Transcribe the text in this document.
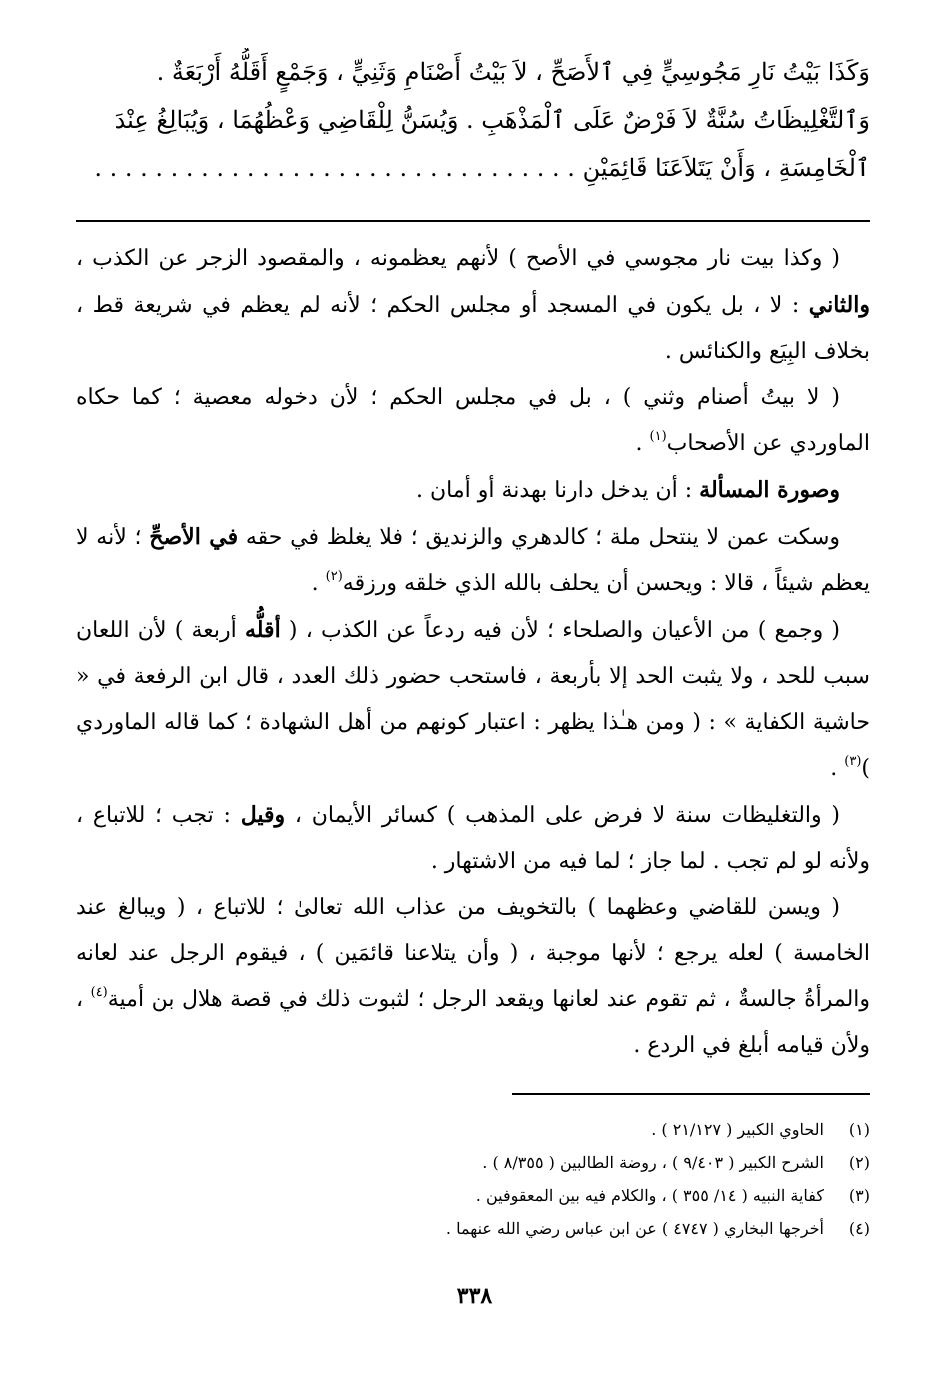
وَكَذَا بَيْتُ نَارِ مَجُوسِيٍّ فِي ٱلأَصَحِّ ، لاَ بَيْتُ أَصْنَامِ وَثَنِيٍّ ، وَجَمْعٍ أَقَلُّهُ أَرْبَعَةٌ .
وَٱلتَّغْلِيظَاتُ سُنَّةٌ لاَ فَرْضٌ عَلَى ٱلْمَذْهَبِ . وَيُسَنُّ لِلْقَاضِي وَعْظُهُمَا ، وَيُبَالِغُ عِنْدَ
ٱلْخَامِسَةِ ، وَأَنْ يَتَلاَعَنَا قَائِمَيْنِ . . . . . . . . . . . . . . . . . . . . . . . . . . . . . . . .

( وكذا بيت نار مجوسي في الأصح ) لأنهم يعظمونه ، والمقصود الزجر عن الكذب ، والثاني : لا ، بل يكون في المسجد أو مجلس الحكم ؛ لأنه لم يعظم في شريعة قط ، بخلاف البِيَع والكنائس .

( لا بيتُ أصنام وثني ) ، بل في مجلس الحكم ؛ لأن دخوله معصية ؛ كما حكاه الماوردي عن الأصحاب$^{(١)}$ .

وصورة المسألة : أن يدخل دارنا بهدنة أو أمان .

وسكت عمن لا ينتحل ملة ؛ كالدهري والزنديق ؛ فلا يغلظ في حقه في الأصحِّ ؛ لأنه لا يعظم شيئاً ، قالا : ويحسن أن يحلف بالله الذي خلقه ورزقه$^{(٢)}$ .

( وجمع ) من الأعيان والصلحاء ؛ لأن فيه ردعاً عن الكذب ، ( أقلُّه أربعة ) لأن اللعان سبب للحد ، ولا يثبت الحد إلا بأربعة ، فاستحب حضور ذلك العدد ، قال ابن الرفعة في « حاشية الكفاية » : ( ومن هـٰذا يظهر : اعتبار كونهم من أهل الشهادة ؛ كما قاله الماوردي )$^{(٣)}$ .

( والتغليظات سنة لا فرض على المذهب ) كسائر الأيمان ، وقيل : تجب ؛ للاتباع ، ولأنه لو لم تجب . لما جاز ؛ لما فيه من الاشتهار .

( ويسن للقاضي وعظهما ) بالتخويف من عذاب الله تعالىٰ ؛ للاتباع ، ( ويبالغ عند الخامسة ) لعله يرجع ؛ لأنها موجبة ، ( وأن يتلاعنا قائمَين ) ، فيقوم الرجل عند لعانه والمرأةُ جالسةٌ ، ثم تقوم عند لعانها ويقعد الرجل ؛ لثبوت ذلك في قصة هلال بن أمية$^{(٤)}$ ، ولأن قيامه أبلغ في الردع .

(١)الحاوي الكبير ( ٢١/١٢٧ ) .
(٢)الشرح الكبير ( ٩/٤٠٣ ) ، روضة الطالبين ( ٨/٣٥٥ ) .
(٣)كفاية النبيه ( ١٤/ ٣٥٥ ) ، والكلام فيه بين المعقوفين .
(٤)أخرجها البخاري ( ٤٧٤٧ ) عن ابن عباس رضي الله عنهما .
٣٣٨
